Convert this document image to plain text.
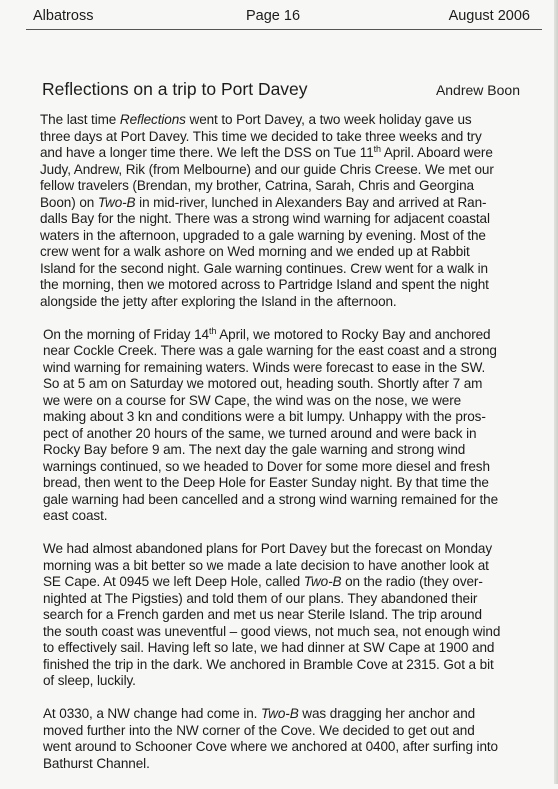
Albatross	Page 16	August 2006
Reflections on a trip to Port Davey	Andrew Boon

The last time Reflections went to Port Davey, a two week holiday gave us
three days at Port Davey. This time we decided to take three weeks and try
and have a longer time there. We left the DSS on Tue 11th April. Aboard were
Judy, Andrew, Rik (from Melbourne) and our guide Chris Creese. We met our
fellow travelers (Brendan, my brother, Catrina, Sarah, Chris and Georgina
Boon) on Two-B in mid-river, lunched in Alexanders Bay and arrived at Ran-
dalls Bay for the night. There was a strong wind warning for adjacent coastal
waters in the afternoon, upgraded to a gale warning by evening. Most of the
crew went for a walk ashore on Wed morning and we ended up at Rabbit
Island for the second night. Gale warning continues. Crew went for a walk in
the morning, then we motored across to Partridge Island and spent the night
alongside the jetty after exploring the Island in the afternoon.

On the morning of Friday 14th April, we motored to Rocky Bay and anchored
near Cockle Creek. There was a gale warning for the east coast and a strong
wind warning for remaining waters. Winds were forecast to ease in the SW.
So at 5 am on Saturday we motored out, heading south. Shortly after 7 am
we were on a course for SW Cape, the wind was on the nose, we were
making about 3 kn and conditions were a bit lumpy. Unhappy with the pros-
pect of another 20 hours of the same, we turned around and were back in
Rocky Bay before 9 am. The next day the gale warning and strong wind
warnings continued, so we headed to Dover for some more diesel and fresh
bread, then went to the Deep Hole for Easter Sunday night. By that time the
gale warning had been cancelled and a strong wind warning remained for the
east coast.

We had almost abandoned plans for Port Davey but the forecast on Monday
morning was a bit better so we made a late decision to have another look at
SE Cape. At 0945 we left Deep Hole, called Two-B on the radio (they over-
nighted at The Pigsties) and told them of our plans. They abandoned their
search for a French garden and met us near Sterile Island. The trip around
the south coast was uneventful – good views, not much sea, not enough wind
to effectively sail. Having left so late, we had dinner at SW Cape at 1900 and
finished the trip in the dark. We anchored in Bramble Cove at 2315. Got a bit
of sleep, luckily.

At 0330, a NW change had come in. Two-B was dragging her anchor and
moved further into the NW corner of the Cove. We decided to get out and
went around to Schooner Cove where we anchored at 0400, after surfing into
Bathurst Channel.
